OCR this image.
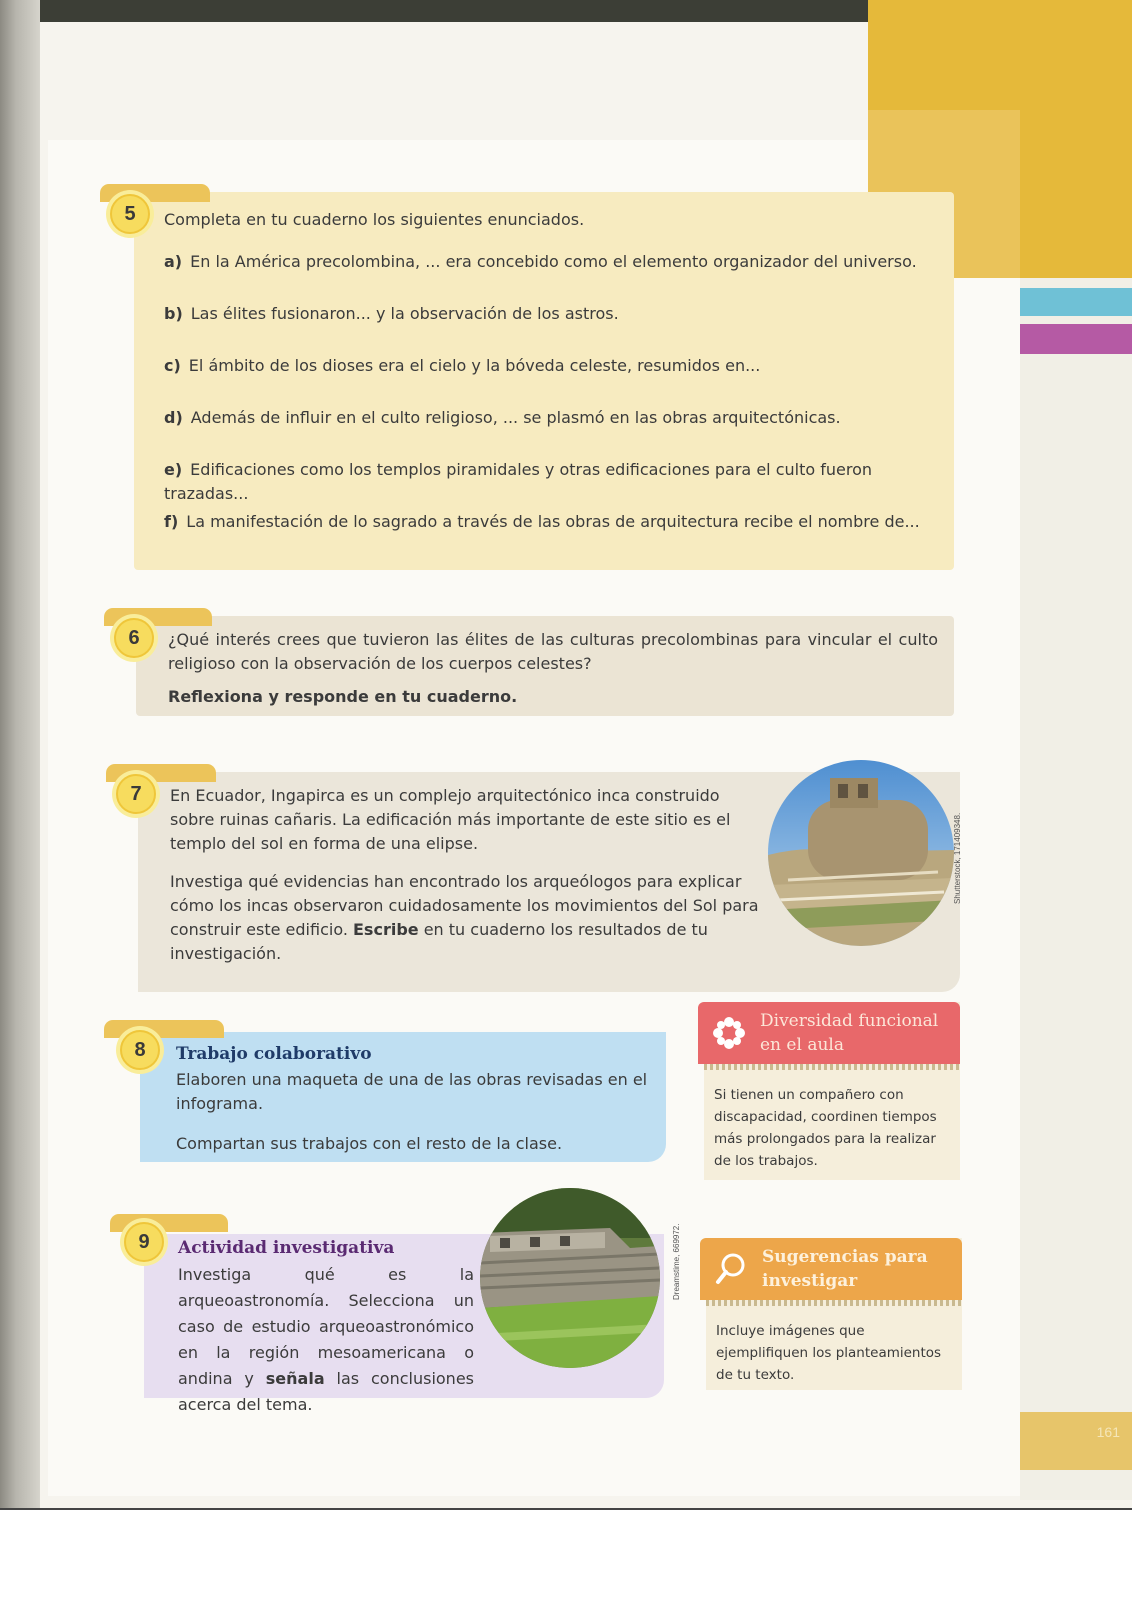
161
5	Completa en tu cuaderno los siguientes enunciados.
a) En la América precolombina, ... era concebido como el elemento organizador del universo.
b) Las élites fusionaron... y la observación de los astros.
c) El ámbito de los dioses era el cielo y la bóveda celeste, resumidos en...
d) Además de influir en el culto religioso, ... se plasmó en las obras arquitectónicas.
e) Edificaciones como los templos piramidales y otras edificaciones para el culto fueron trazadas...
f) La manifestación de lo sagrado a través de las obras de arquitectura recibe el nombre de...
6	¿Qué interés crees que tuvieron las élites de las culturas precolombinas para vincular el culto religioso con la observación de los cuerpos celestes?
Reflexiona y responde en tu cuaderno.
7	En Ecuador, Ingapirca es un complejo arquitectónico inca construido sobre ruinas cañaris. La edificación más importante de este sitio es el templo del sol en forma de una elipse.
Investiga qué evidencias han encontrado los arqueólogos para explicar cómo los incas observaron cuidadosamente los movimientos del Sol para construir este edificio. Escribe en tu cuaderno los resultados de tu investigación.
Shutterstock, 171409348.
8	Trabajo colaborativo
Elaboren una maqueta de una de las obras revisadas en el infograma.
Compartan sus trabajos con el resto de la clase.
Diversidad funcional en el aula
Si tienen un compañero con discapacidad, coordinen tiempos más prolongados para la realizar de los trabajos.
9	Actividad investigativa
Investiga qué es la arqueoastronomía. Selecciona un caso de estudio arqueoastronómico en la región mesoamericana o andina y señala las conclusiones acerca del tema.
Dreamstime, 669972.	Sugerencias para investigar
Incluye imágenes que ejemplifiquen los planteamientos de tu texto.
